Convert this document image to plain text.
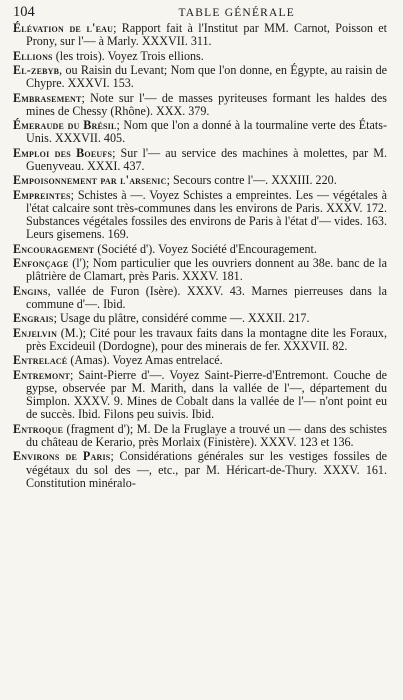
104	TABLE GÉNÉRALE

Élévation de l'eau; Rapport fait à l'Institut par MM. Carnot, Poisson et Prony, sur l'— à Marly. XXXVII. 311.

Ellions (les trois). Voyez Trois ellions.

El-zebyb, ou Raisin du Levant; Nom que l'on donne, en Égypte, au raisin de Chypre. XXXVI. 153.

Embrasement; Note sur l'— de masses pyriteuses formant les haldes des mines de Chessy (Rhône). XXX. 379.

Émeraude du Brésil; Nom que l'on a donné à la tourmaline verte des États-Unis. XXXVII. 405.

Emploi des Boeufs; Sur l'— au service des machines à molettes, par M. Guenyveau. XXXI. 437.

Empoisonnement par l'arsenic; Secours contre l'—. XXXIII. 220.

Empreintes; Schistes à —. Voyez Schistes a empreintes. Les — végétales à l'état calcaire sont très-communes dans les environs de Paris. XXXV. 172. Substances végétales fossiles des environs de Paris à l'état d'— vides. 163. Leurs gisemens. 169.

Encouragement (Société d'). Voyez Société d'Encouragement.

Enfonçage (l'); Nom particulier que les ouvriers donnent au 38e. banc de la plâtrière de Clamart, près Paris. XXXV. 181.

Engins, vallée de Furon (Isère). XXXV. 43. Marnes pierreuses dans la commune d'—. Ibid.

Engrais; Usage du plâtre, considéré comme —. XXXII. 217.

Enjelvin (M.); Cité pour les travaux faits dans la montagne dite les Foraux, près Excideuil (Dordogne), pour des minerais de fer. XXXVII. 82.

Entrelacé (Amas). Voyez Amas entrelacé.

Entremont; Saint-Pierre d'—. Voyez Saint-Pierre-d'Entremont. Couche de gypse, observée par M. Marith, dans la vallée de l'—, département du Simplon. XXXV. 9. Mines de Cobalt dans la vallée de l'— n'ont point eu de succès. Ibid. Filons peu suivis. Ibid.

Entroque (fragment d'); M. De la Fruglaye a trouvé un — dans des schistes du château de Kerario, près Morlaix (Finistère). XXXV. 123 et 136.

Environs de Paris; Considérations générales sur les vestiges fossiles de végétaux du sol des —, etc., par M. Héricart-de-Thury. XXXV. 161. Constitution minéralo-
